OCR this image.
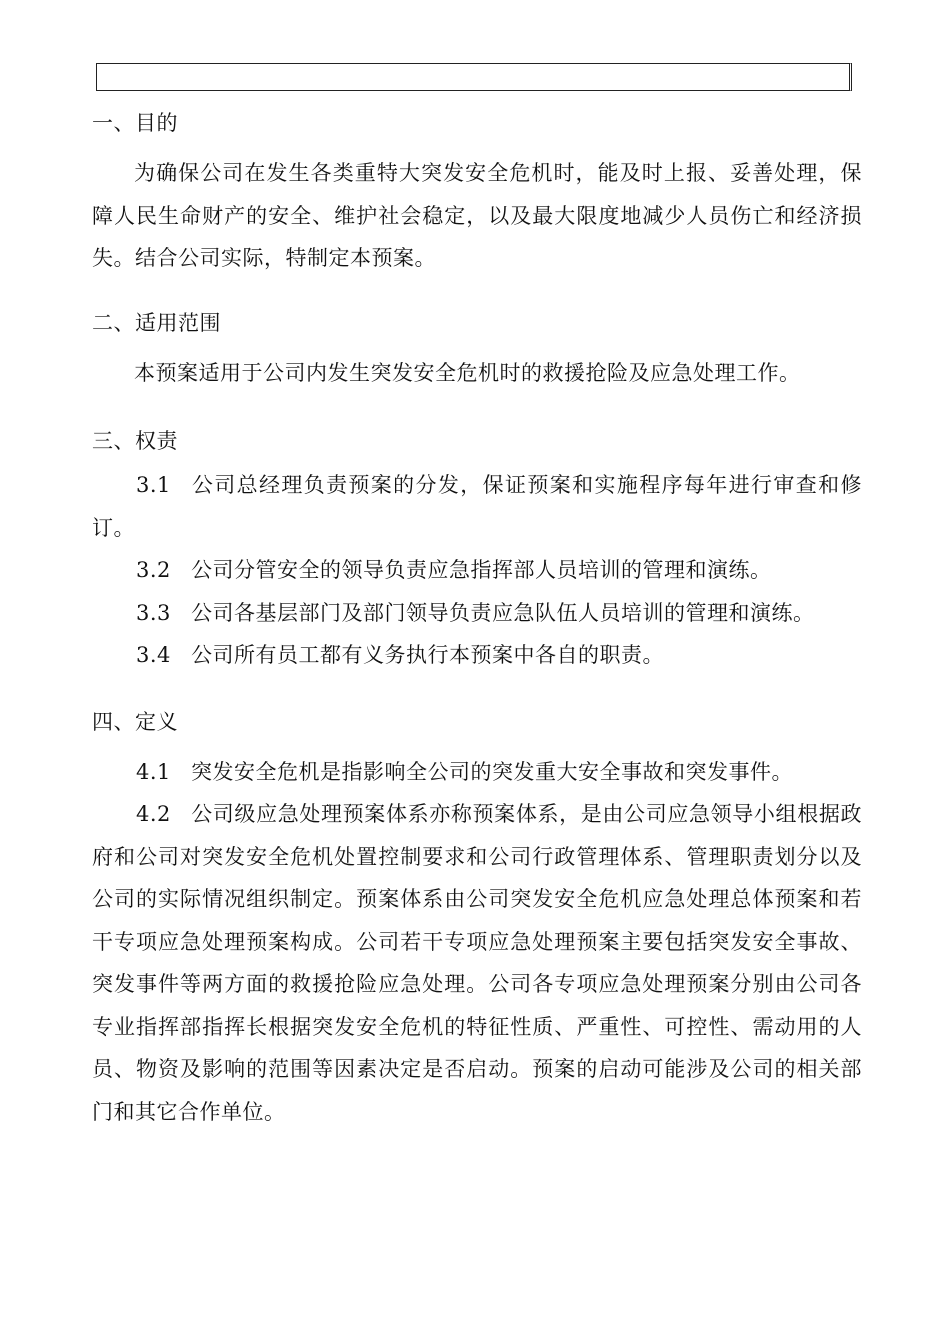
一、目的

为确保公司在发生各类重特大突发安全危机时，能及时上报、妥善处理，保障人民生命财产的安全、维护社会稳定，以及最大限度地减少人员伤亡和经济损失。结合公司实际，特制定本预案。

二、适用范围

本预案适用于公司内发生突发安全危机时的救援抢险及应急处理工作。

三、权责

3.1 公司总经理负责预案的分发，保证预案和实施程序每年进行审查和修订。

3.2 公司分管安全的领导负责应急指挥部人员培训的管理和演练。

3.3 公司各基层部门及部门领导负责应急队伍人员培训的管理和演练。

3.4 公司所有员工都有义务执行本预案中各自的职责。

四、定义

4.1 突发安全危机是指影响全公司的突发重大安全事故和突发事件。

4.2 公司级应急处理预案体系亦称预案体系，是由公司应急领导小组根据政府和公司对突发安全危机处置控制要求和公司行政管理体系、管理职责划分以及公司的实际情况组织制定。预案体系由公司突发安全危机应急处理总体预案和若干专项应急处理预案构成。公司若干专项应急处理预案主要包括突发安全事故、突发事件等两方面的救援抢险应急处理。公司各专项应急处理预案分别由公司各专业指挥部指挥长根据突发安全危机的特征性质、严重性、可控性、需动用的人员、物资及影响的范围等因素决定是否启动。预案的启动可能涉及公司的相关部门和其它合作单位。
